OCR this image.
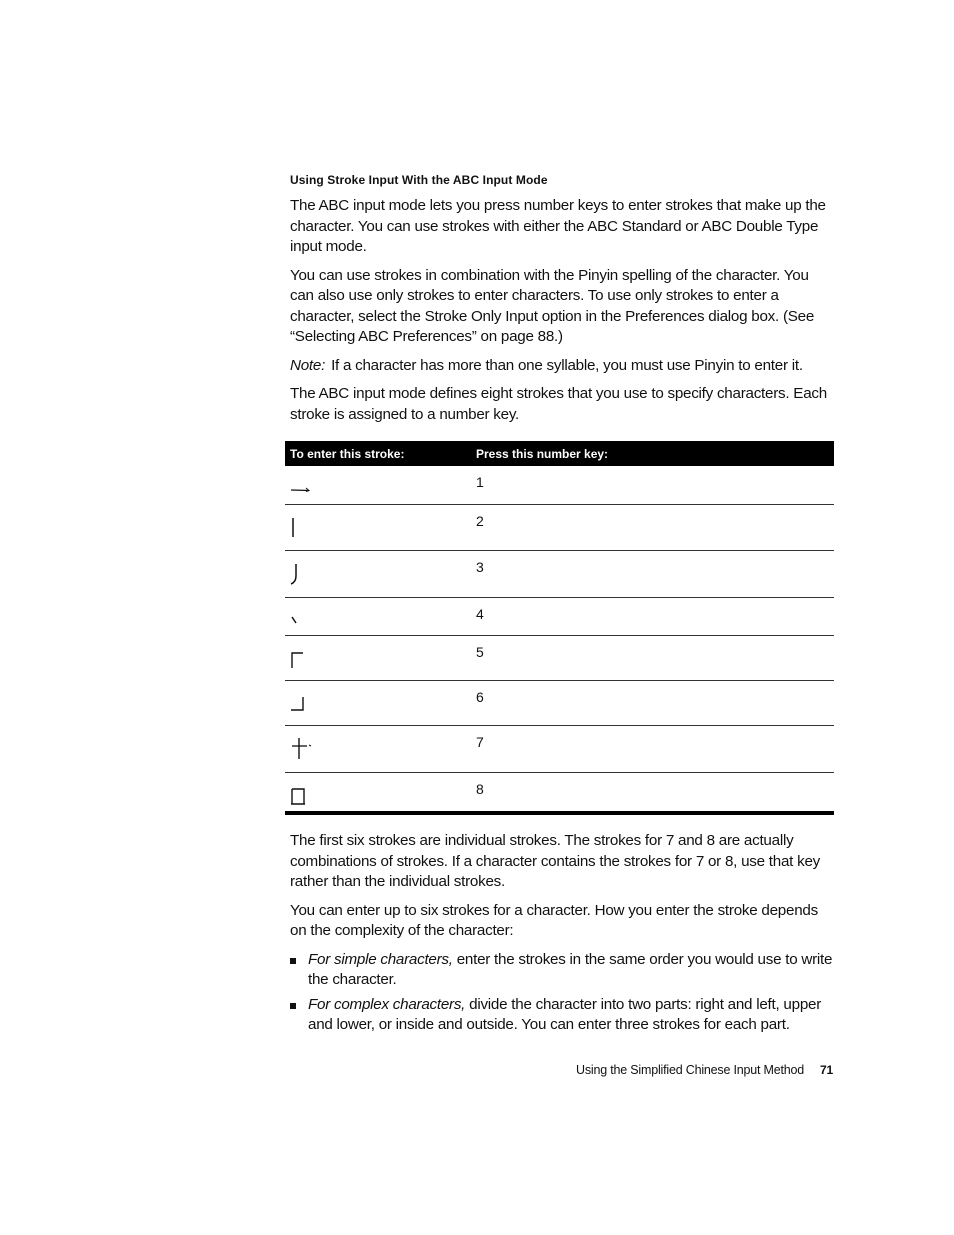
Using Stroke Input With the ABC Input Mode

The ABC input mode lets you press number keys to enter strokes that make up the character. You can use strokes with either the ABC Standard or ABC Double Type input mode.

You can use strokes in combination with the Pinyin spelling of the character. You can also use only strokes to enter characters. To use only strokes to enter a character, select the Stroke Only Input option in the Preferences dialog box. (See “Selecting ABC Preferences” on page 88.)

Note: If a character has more than one syllable, you must use Pinyin to enter it.

The ABC input mode defines eight strokes that you use to specify characters. Each stroke is assigned to a number key.

To enter this stroke:	Press this number key:

	1

	2

	3

	4

	5

	6

	7

	8

The first six strokes are individual strokes. The strokes for 7 and 8 are actually combinations of strokes. If a character contains the strokes for 7 or 8, use that key rather than the individual strokes.

You can enter up to six strokes for a character. How you enter the stroke depends on the complexity of the character:

For simple characters, enter the strokes in the same order you would use to write the character.
For complex characters, divide the character into two parts: right and left, upper and lower, or inside and outside. You can enter three strokes for each part.
Using the Simplified Chinese Input Method 71
